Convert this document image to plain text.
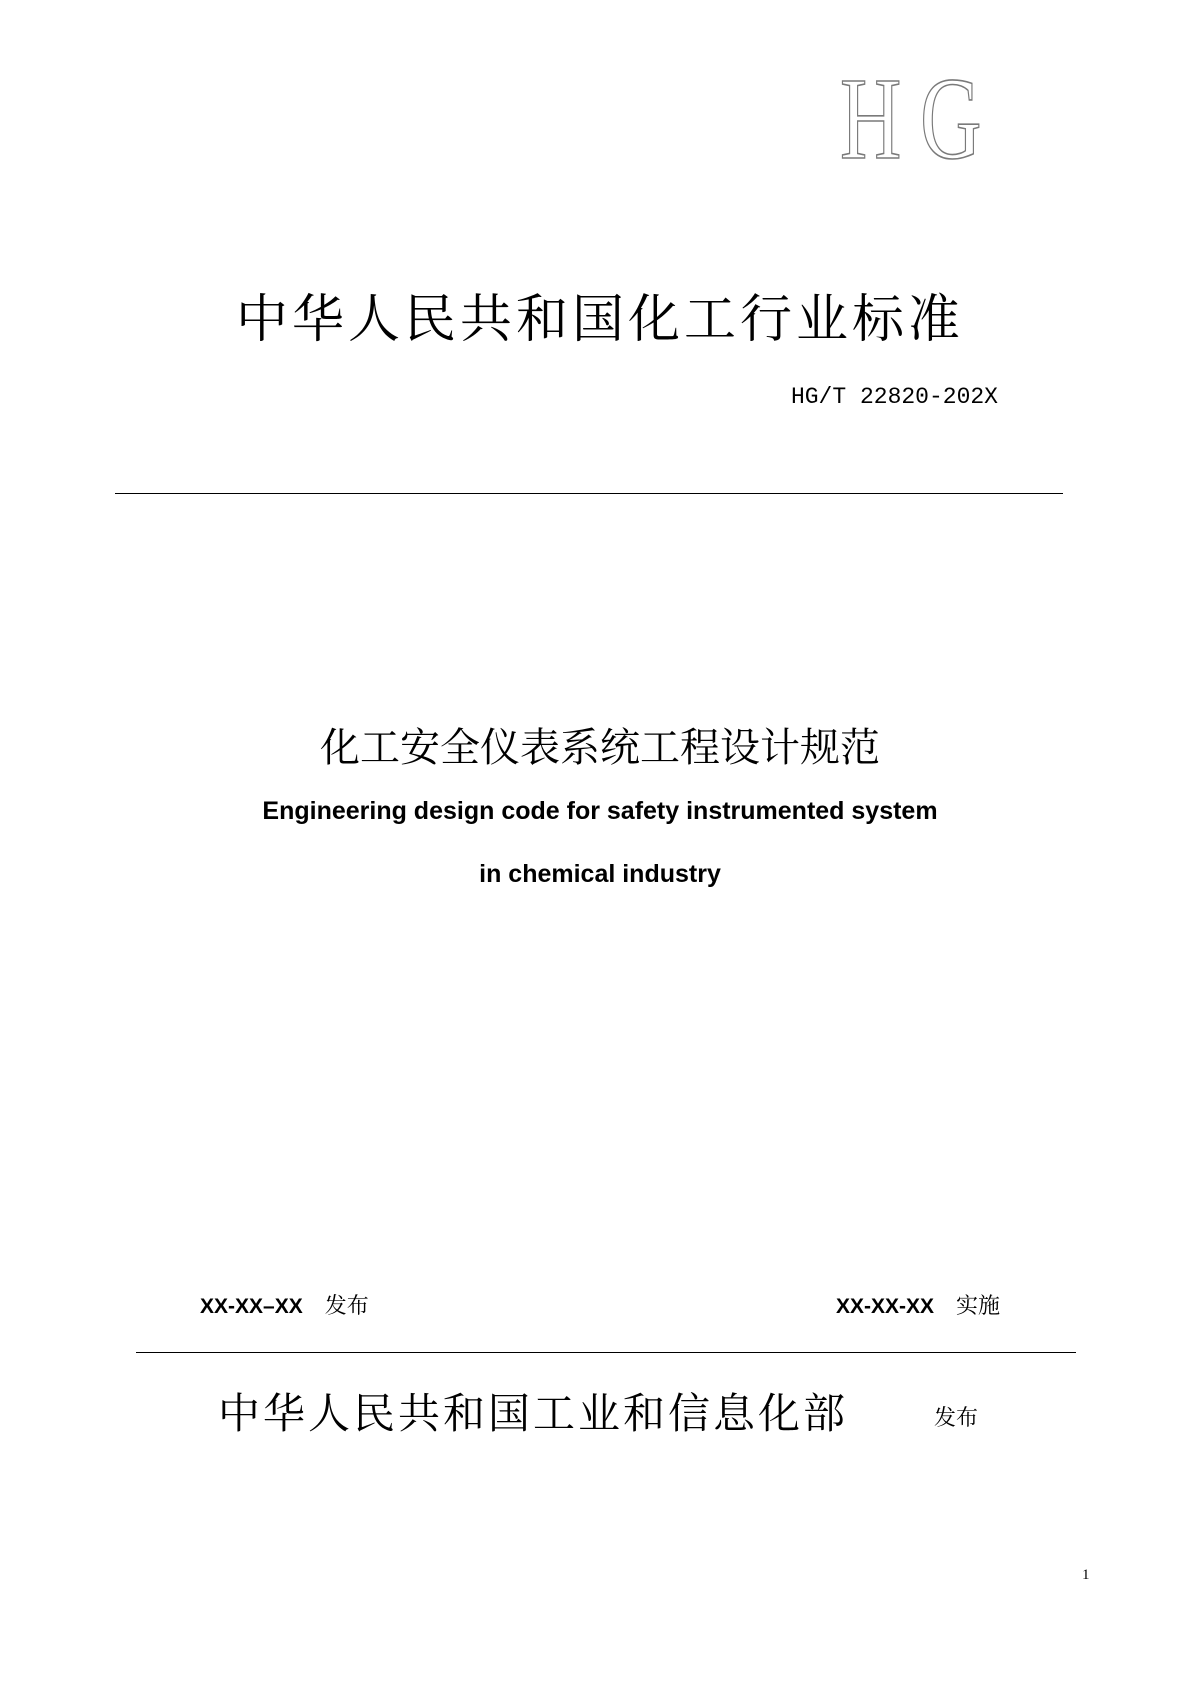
HG
中华人民共和国化工行业标准
HG/T 22820-202X
化工安全仪表系统工程设计规范
Engineering design code for safety instrumented system
in chemical industry
XX-XX–XX 发布	XX-XX-XX 实施
中华人民共和国工业和信息化部	发布
1
